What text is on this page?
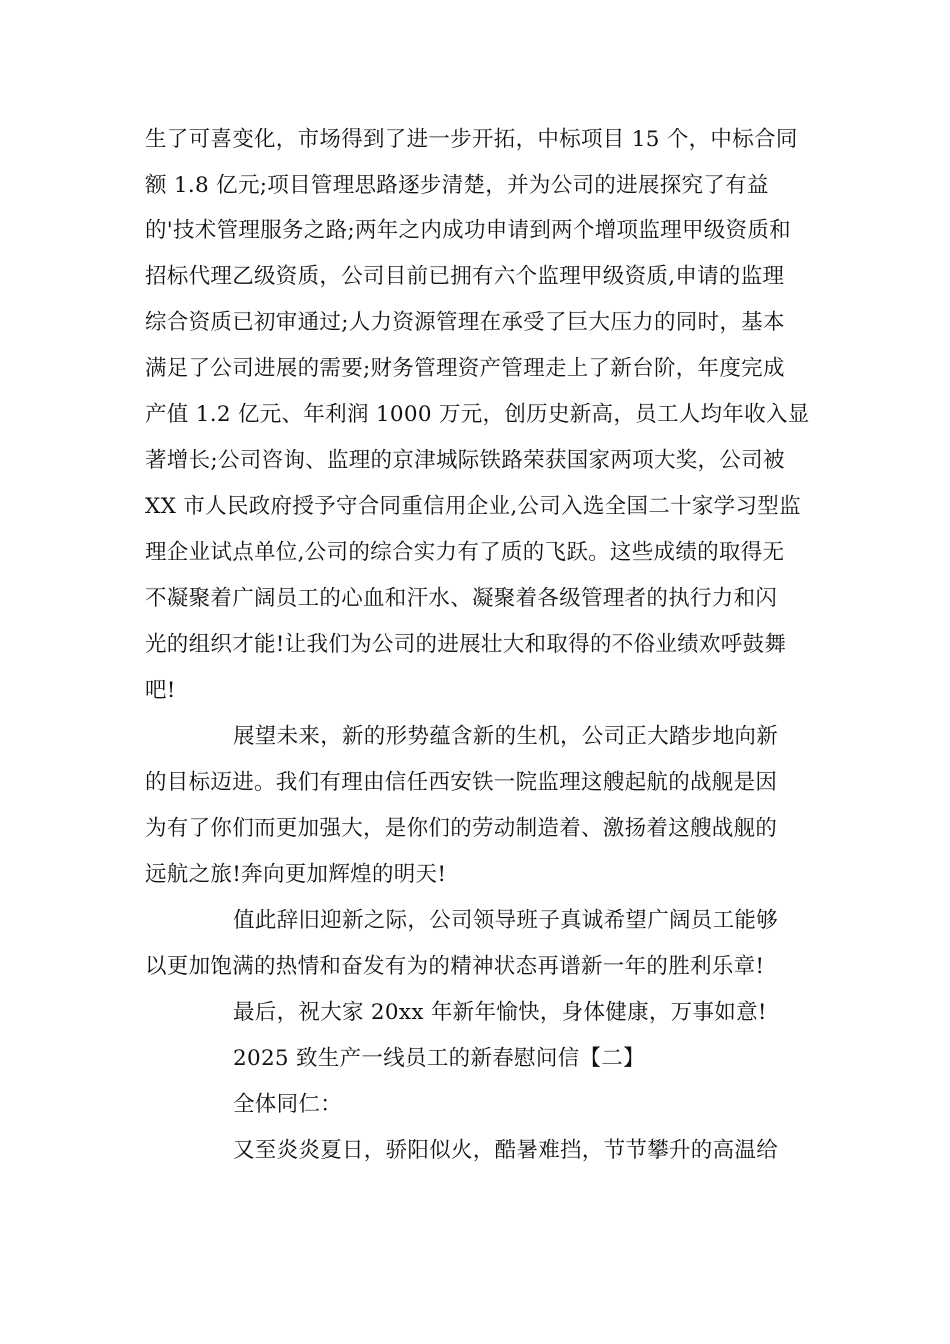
生了可喜变化，市场得到了进一步开拓，中标项目 15 个，中标合同
额 1.8 亿元;项目管理思路逐步清楚，并为公司的进展探究了有益
的'技术管理服务之路;两年之内成功申请到两个增项监理甲级资质和
招标代理乙级资质，公司目前已拥有六个监理甲级资质,申请的监理
综合资质已初审通过;人力资源管理在承受了巨大压力的同时，基本
满足了公司进展的需要;财务管理资产管理走上了新台阶，年度完成
产值 1.2 亿元、年利润 1000 万元，创历史新高，员工人均年收入显
著增长;公司咨询、监理的京津城际铁路荣获国家两项大奖，公司被
XX 市人民政府授予守合同重信用企业,公司入选全国二十家学习型监
理企业试点单位,公司的综合实力有了质的飞跃。这些成绩的取得无
不凝聚着广阔员工的心血和汗水、凝聚着各级管理者的执行力和闪
光的组织才能!让我们为公司的进展壮大和取得的不俗业绩欢呼鼓舞
吧!
展望未来，新的形势蕴含新的生机，公司正大踏步地向新
的目标迈进。我们有理由信任西安铁一院监理这艘起航的战舰是因
为有了你们而更加强大，是你们的劳动制造着、激扬着这艘战舰的
远航之旅!奔向更加辉煌的明天!
值此辞旧迎新之际，公司领导班子真诚希望广阔员工能够
以更加饱满的热情和奋发有为的精神状态再谱新一年的胜利乐章!
最后，祝大家 20xx 年新年愉快，身体健康，万事如意!
2025 致生产一线员工的新春慰问信【二】
全体同仁：
又至炎炎夏日，骄阳似火，酷暑难挡，节节攀升的高温给
